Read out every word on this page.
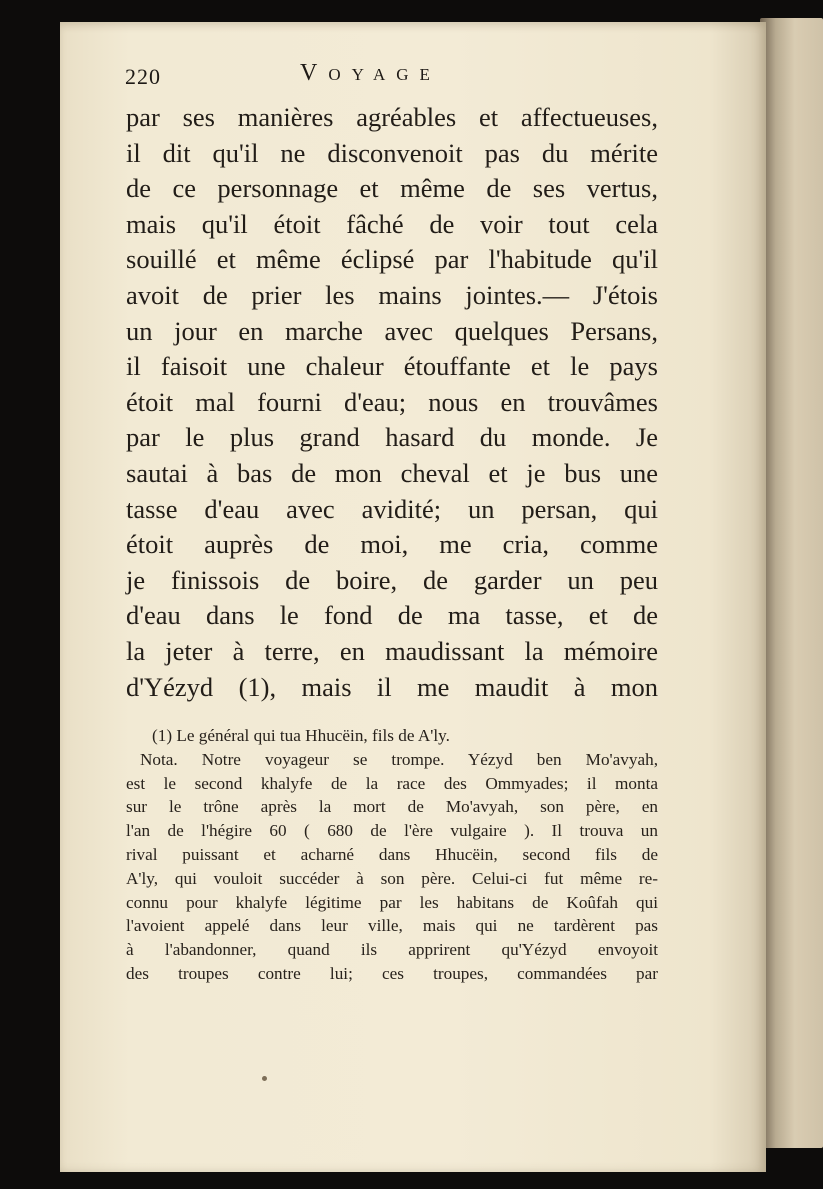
220	Voyage
par ses manières agréables et affectueuses,
il dit qu'il ne disconvenoit pas du mérite
de ce personnage et même de ses vertus,
mais qu'il étoit fâché de voir tout cela
souillé et même éclipsé par l'habitude qu'il
avoit de prier les mains jointes.— J'étois
un jour en marche avec quelques Persans,
il faisoit une chaleur étouffante et le pays
étoit mal fourni d'eau; nous en trouvâmes
par le plus grand hasard du monde. Je
sautai à bas de mon cheval et je bus une
tasse d'eau avec avidité; un persan, qui
étoit auprès de moi, me cria, comme
je finissois de boire, de garder un peu
d'eau dans le fond de ma tasse, et de
la jeter à terre, en maudissant la mémoire
d'Yézyd (1), mais il me maudit à mon
(1) Le général qui tua Hhucëin, fils de A'ly.
Nota. Notre voyageur se trompe. Yézyd ben Mo'avyah,
est le second khalyfe de la race des Ommyades; il monta
sur le trône après la mort de Mo'avyah, son père, en
l'an de l'hégire 60 ( 680 de l'ère vulgaire ). Il trouva un
rival puissant et acharné dans Hhucëin, second fils de
A'ly, qui vouloit succéder à son père. Celui-ci fut même re-
connu pour khalyfe légitime par les habitans de Koûfah qui
l'avoient appelé dans leur ville, mais qui ne tardèrent pas
à l'abandonner, quand ils apprirent qu'Yézyd envoyoit
des troupes contre lui; ces troupes, commandées par
